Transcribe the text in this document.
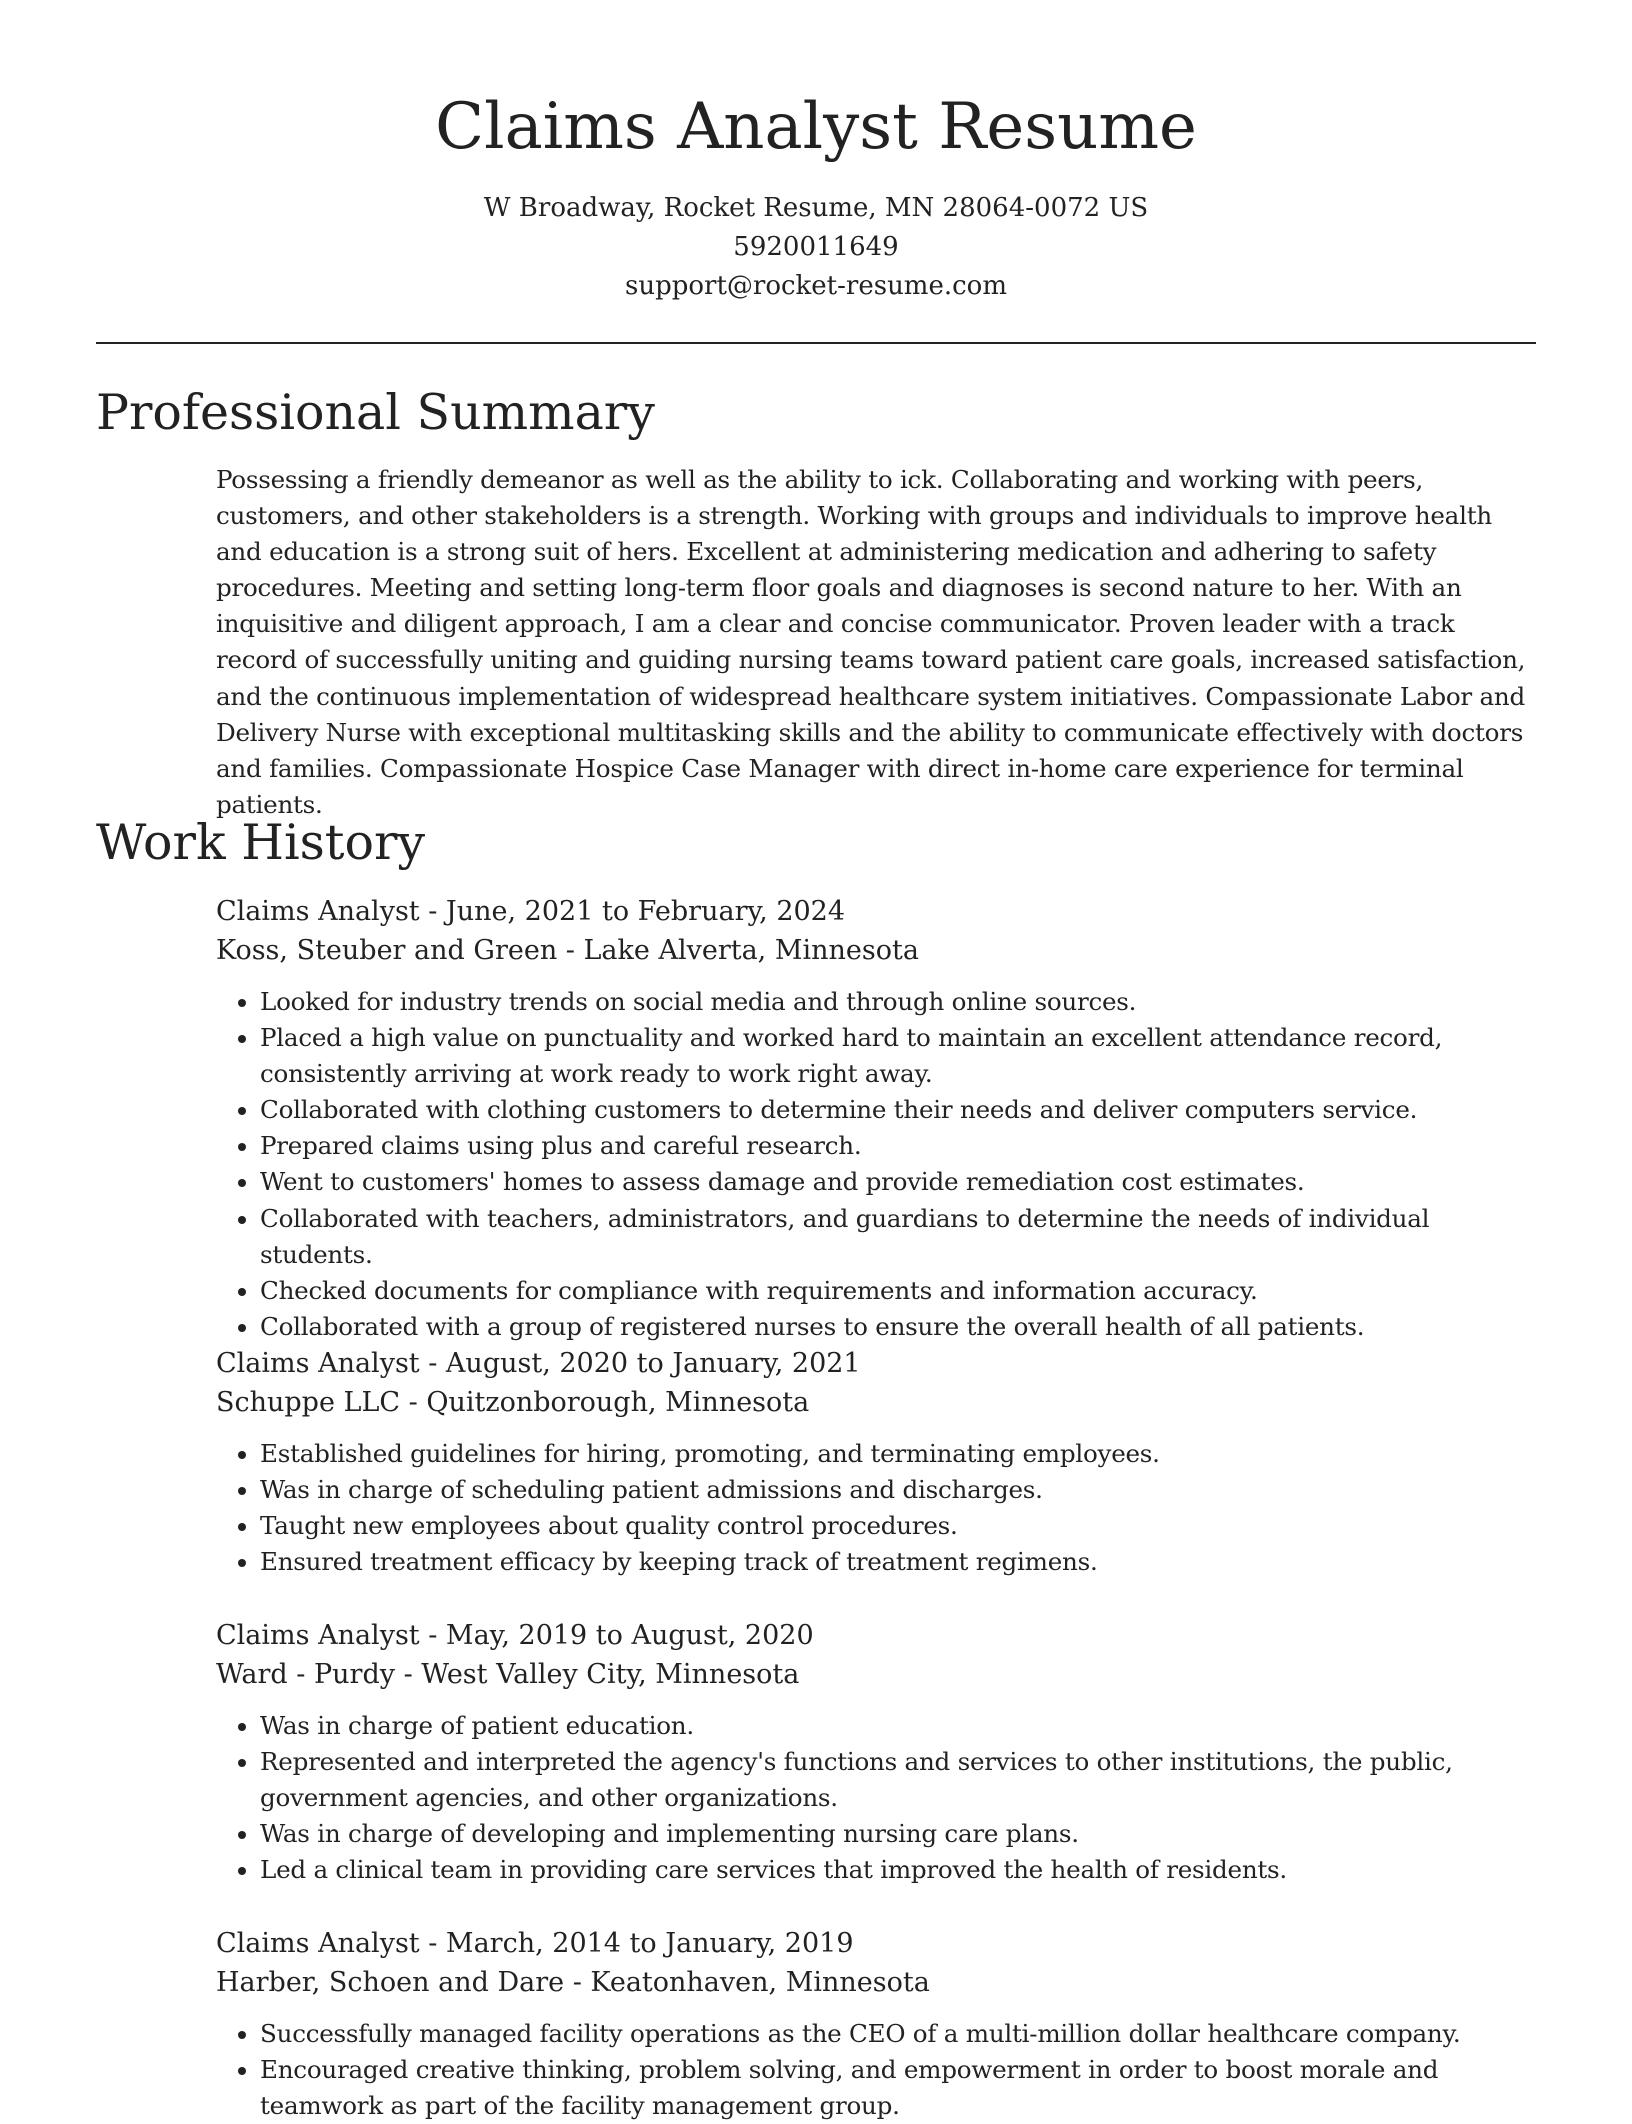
Claims Analyst Resume

W Broadway, Rocket Resume, MN 28064-0072 US

5920011649

support@rocket-resume.com

Professional Summary

Possessing a friendly demeanor as well as the ability to ick. Collaborating and working with peers, customers, and other stakeholders is a strength. Working with groups and individuals to improve health and education is a strong suit of hers. Excellent at administering medication and adhering to safety procedures. Meeting and setting long-term floor goals and diagnoses is second nature to her. With an inquisitive and diligent approach, I am a clear and concise communicator. Proven leader with a track record of successfully uniting and guiding nursing teams toward patient care goals, increased satisfaction, and the continuous implementation of widespread healthcare system initiatives. Compassionate Labor and Delivery Nurse with exceptional multitasking skills and the ability to communicate effectively with doctors and families. Compassionate Hospice Case Manager with direct in-home care experience for terminal patients.

Work History

Claims Analyst - June, 2021 to February, 2024

Koss, Steuber and Green - Lake Alverta, Minnesota

• Looked for industry trends on social media and through online sources.
• Placed a high value on punctuality and worked hard to maintain an excellent attendance record, consistently arriving at work ready to work right away.
• Collaborated with clothing customers to determine their needs and deliver computers service.
• Prepared claims using plus and careful research.
• Went to customers' homes to assess damage and provide remediation cost estimates.
• Collaborated with teachers, administrators, and guardians to determine the needs of individual students.
• Checked documents for compliance with requirements and information accuracy.
• Collaborated with a group of registered nurses to ensure the overall health of all patients.

Claims Analyst - August, 2020 to January, 2021

Schuppe LLC - Quitzonborough, Minnesota

• Established guidelines for hiring, promoting, and terminating employees.
• Was in charge of scheduling patient admissions and discharges.
• Taught new employees about quality control procedures.
• Ensured treatment efficacy by keeping track of treatment regimens.

Claims Analyst - May, 2019 to August, 2020

Ward - Purdy - West Valley City, Minnesota

• Was in charge of patient education.
• Represented and interpreted the agency's functions and services to other institutions, the public, government agencies, and other organizations.
• Was in charge of developing and implementing nursing care plans.
• Led a clinical team in providing care services that improved the health of residents.

Claims Analyst - March, 2014 to January, 2019

Harber, Schoen and Dare - Keatonhaven, Minnesota

• Successfully managed facility operations as the CEO of a multi-million dollar healthcare company.
• Encouraged creative thinking, problem solving, and empowerment in order to boost morale and teamwork as part of the facility management group.
